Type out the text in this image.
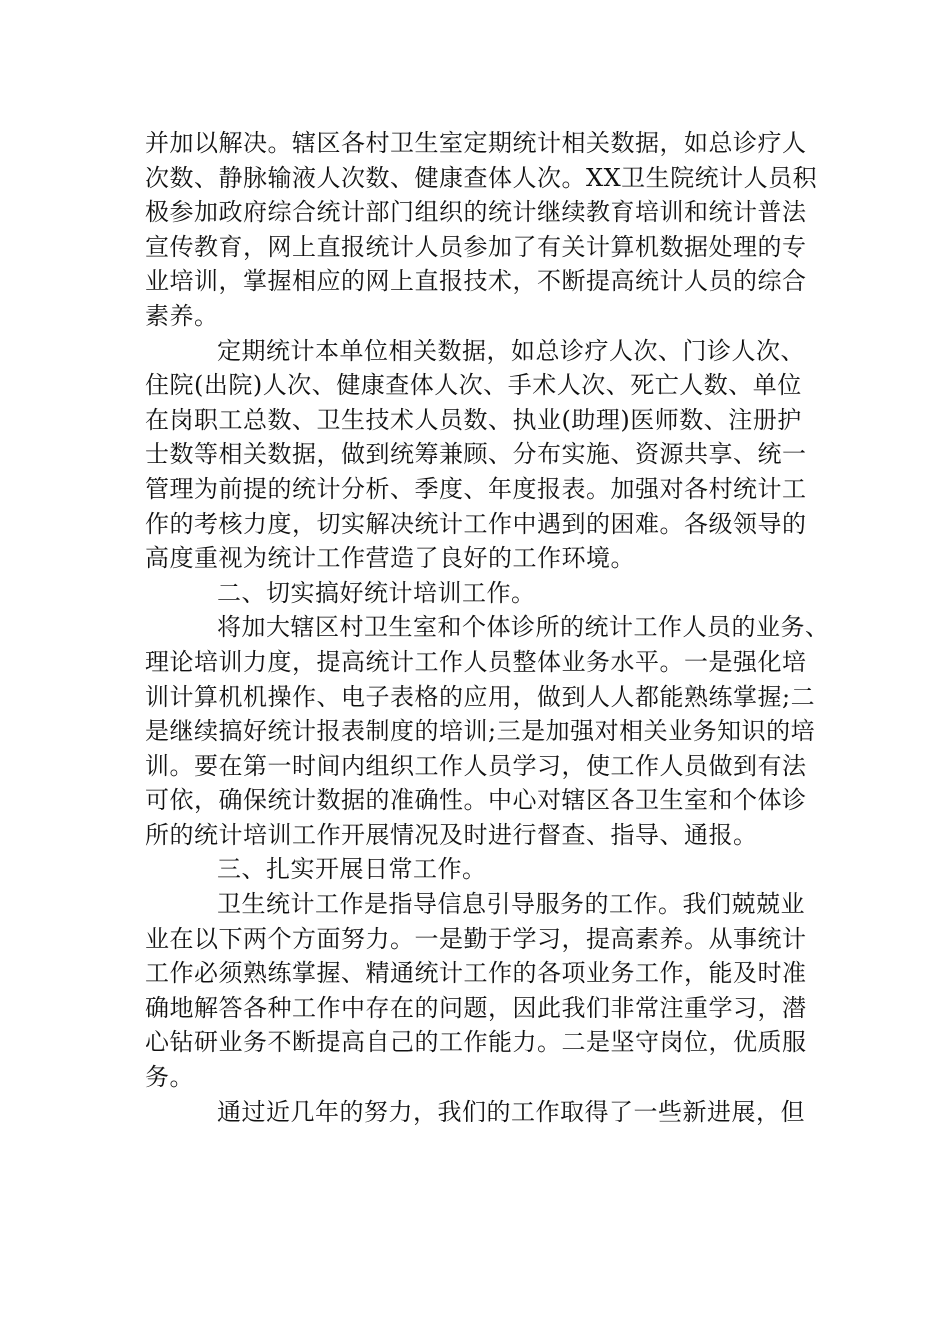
并加以解决。辖区各村卫生室定期统计相关数据，如总诊疗人
次数、静脉输液人次数、健康查体人次。XX卫生院统计人员积
极参加政府综合统计部门组织的统计继续教育培训和统计普法
宣传教育，网上直报统计人员参加了有关计算机数据处理的专
业培训，掌握相应的网上直报技术，不断提高统计人员的综合
素养。
定期统计本单位相关数据，如总诊疗人次、门诊人次、
住院(出院)人次、健康查体人次、手术人次、死亡人数、单位
在岗职工总数、卫生技术人员数、执业(助理)医师数、注册护
士数等相关数据，做到统筹兼顾、分布实施、资源共享、统一
管理为前提的统计分析、季度、年度报表。加强对各村统计工
作的考核力度，切实解决统计工作中遇到的困难。各级领导的
高度重视为统计工作营造了良好的工作环境。
二、切实搞好统计培训工作。
将加大辖区村卫生室和个体诊所的统计工作人员的业务、
理论培训力度，提高统计工作人员整体业务水平。一是强化培
训计算机机操作、电子表格的应用，做到人人都能熟练掌握;二
是继续搞好统计报表制度的培训;三是加强对相关业务知识的培
训。要在第一时间内组织工作人员学习，使工作人员做到有法
可依，确保统计数据的准确性。中心对辖区各卫生室和个体诊
所的统计培训工作开展情况及时进行督查、指导、通报。
三、扎实开展日常工作。
卫生统计工作是指导信息引导服务的工作。我们兢兢业
业在以下两个方面努力。一是勤于学习，提高素养。从事统计
工作必须熟练掌握、精通统计工作的各项业务工作，能及时准
确地解答各种工作中存在的问题，因此我们非常注重学习，潜
心钻研业务不断提高自己的工作能力。二是坚守岗位，优质服
务。
通过近几年的努力，我们的工作取得了一些新进展，但
